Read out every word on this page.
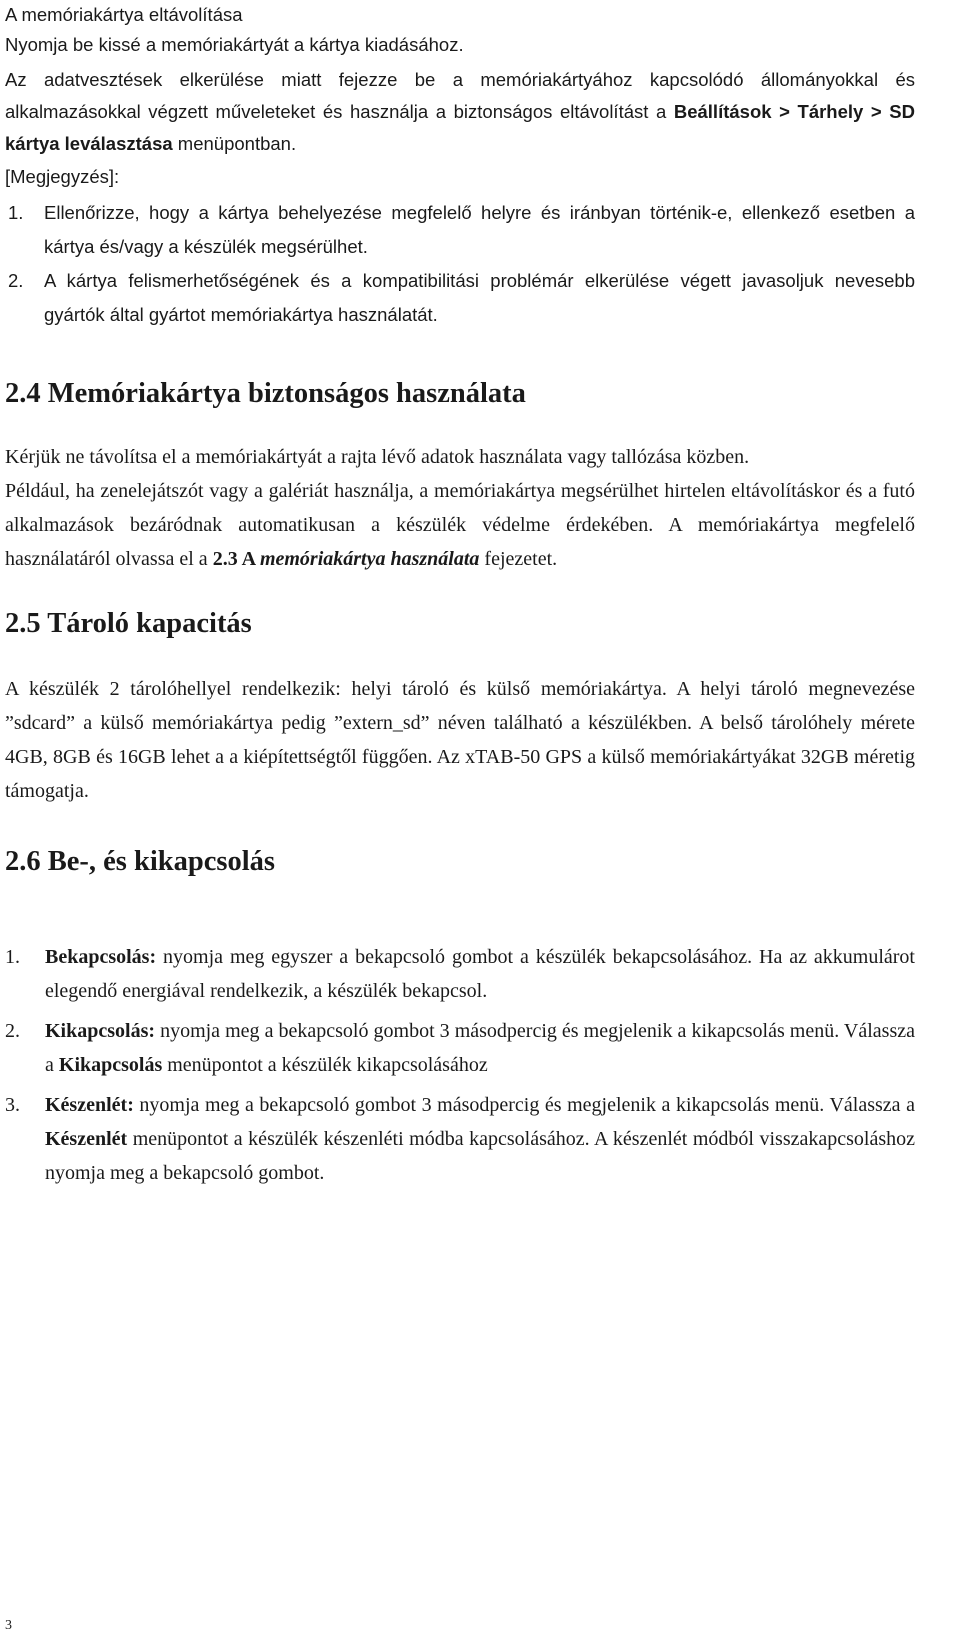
A memóriakártya eltávolítása

Nyomja be kissé a memóriakártyát a kártya kiadásához.

Az adatvesztések elkerülése miatt fejezze be a memóriakártyához kapcsolódó állományokkal és alkalmazásokkal végzett műveleteket és használja a biztonságos eltávolítást a Beállítások > Tárhely > SD kártya leválasztása menüpontban.

[Megjegyzés]:

1.	Ellenőrizze, hogy a kártya behelyezése megfelelő helyre és iránbyan történik-e, ellenkező esetben a kártya és/vagy a készülék megsérülhet.
2.	A kártya felismerhetőségének és a kompatibilitási problémár elkerülése végett javasoljuk nevesebb gyártók által gyártot memóriakártya használatát.
2.4 Memóriakártya biztonságos használata

Kérjük ne távolítsa el a memóriakártyát a rajta lévő adatok használata vagy tallózása közben.

Például, ha zenelejátszót vagy a galériát használja, a memóriakártya megsérülhet hirtelen eltávolításkor és a futó alkalmazások bezáródnak automatikusan a készülék védelme érdekében. A memóriakártya megfelelő használatáról olvassa el a 2.3 A memóriakártya használata fejezetet.

2.5 Tároló kapacitás

A készülék 2 tárolóhellyel rendelkezik: helyi tároló és külső memóriakártya. A helyi tároló megnevezése ”sdcard” a külső memóriakártya pedig ”extern_sd” néven található a készülékben. A belső tárolóhely mérete 4GB, 8GB és 16GB lehet a a kiépítettségtől függően. Az xTAB-50 GPS a külső memóriakártyákat 32GB méretig támogatja.

2.6 Be-, és kikapcsolás
1.	Bekapcsolás: nyomja meg egyszer a bekapcsoló gombot a készülék bekapcsolásához. Ha az akkumulárot elegendő energiával rendelkezik, a készülék bekapcsol.
2.	Kikapcsolás: nyomja meg a bekapcsoló gombot 3 másodpercig és megjelenik a kikapcsolás menü. Válassza a Kikapcsolás menüpontot a készülék kikapcsolásához
3.	Készenlét: nyomja meg a bekapcsoló gombot 3 másodpercig és megjelenik a kikapcsolás menü. Válassza a Készenlét menüpontot a készülék készenléti módba kapcsolásához. A készenlét módból visszakapcsoláshoz nyomja meg a bekapcsoló gombot.
3
